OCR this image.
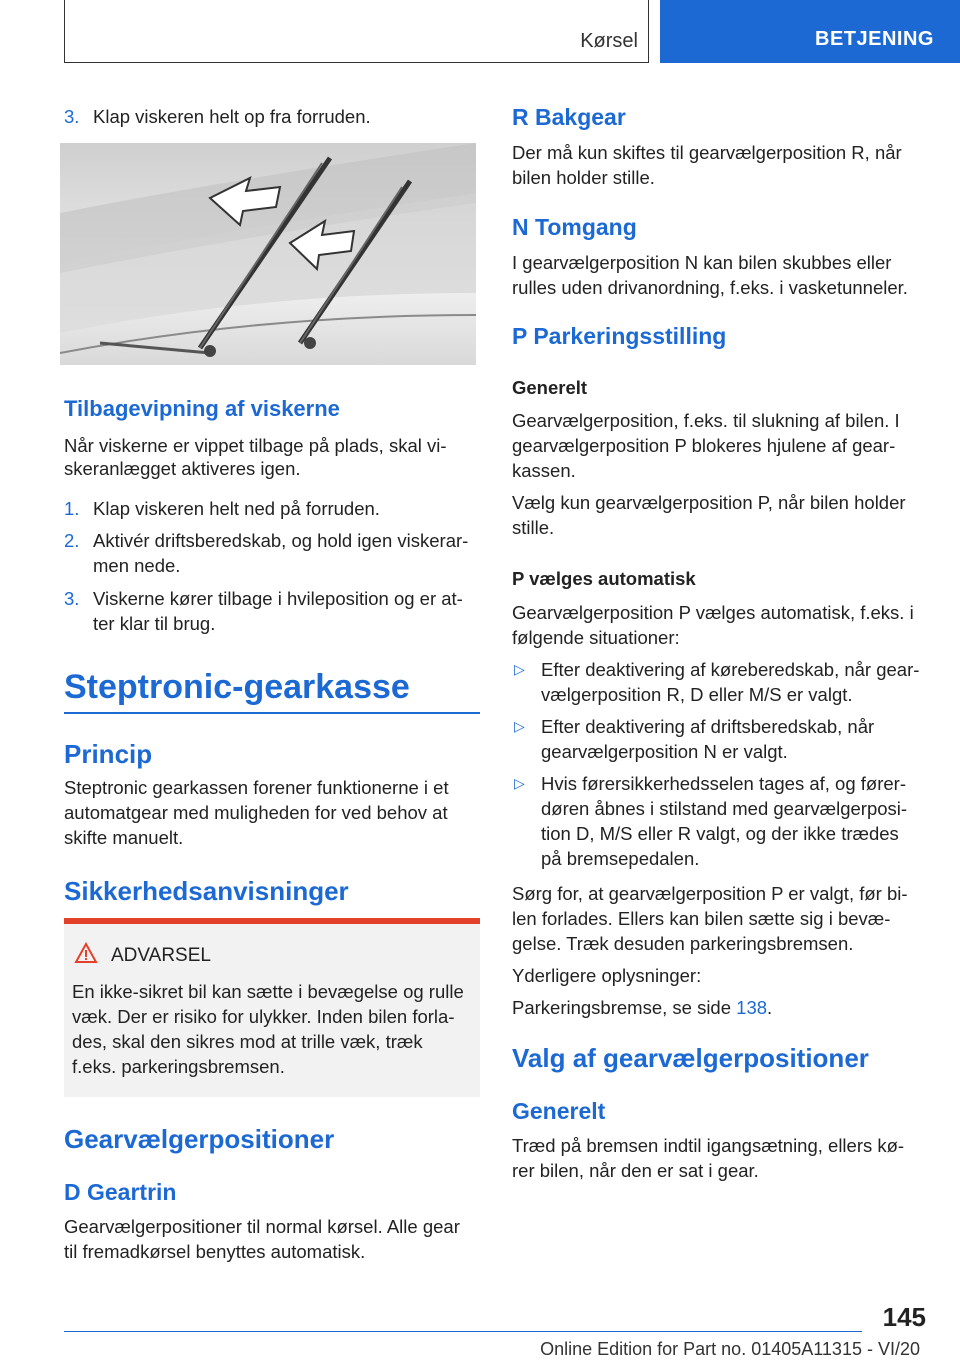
Kørsel	BETJENING
3. Klap viskeren helt op fra forruden.
Tilbagevipning af viskerne
Når viskerne er vippet tilbage på plads, skal vi-
skeranlægget aktiveres igen.
1. Klap viskeren helt ned på forruden.
2. Aktivér driftsberedskab, og hold igen viskerar-
men nede.
3. Viskerne kører tilbage i hvileposition og er at-
ter klar til brug.
Steptronic-gearkasse
Princip
Steptronic gearkassen forener funktionerne i et
automatgear med muligheden for ved behov at
skifte manuelt.
Sikkerhedsanvisninger
ADVARSEL
En ikke-sikret bil kan sætte i bevægelse og rulle
væk. Der er risiko for ulykker. Inden bilen forla-
des, skal den sikres mod at trille væk, træk
f.eks. parkeringsbremsen.
Gearvælgerpositioner
D Geartrin
Gearvælgerpositioner til normal kørsel. Alle gear
til fremadkørsel benyttes automatisk.
R Bakgear
Der må kun skiftes til gearvælgerposition R, når
bilen holder stille.
N Tomgang
I gearvælgerposition N kan bilen skubbes eller
rulles uden drivanordning, f.eks. i vasketunneler.
P Parkeringsstilling
Generelt
Gearvælgerposition, f.eks. til slukning af bilen. I
gearvælgerposition P blokeres hjulene af gear-
kassen.
Vælg kun gearvælgerposition P, når bilen holder
stille.
P vælges automatisk
Gearvælgerposition P vælges automatisk, f.eks. i
følgende situationer:
▷ Efter deaktivering af køreberedskab, når gear-
vælgerposition R, D eller M/S er valgt.
▷ Efter deaktivering af driftsberedskab, når
gearvælgerposition N er valgt.
▷ Hvis førersikkerhedsselen tages af, og fører-
døren åbnes i stilstand med gearvælgerposi-
tion D, M/S eller R valgt, og der ikke trædes
på bremsepedalen.
Sørg for, at gearvælgerposition P er valgt, før bi-
len forlades. Ellers kan bilen sætte sig i bevæ-
gelse. Træk desuden parkeringsbremsen.
Yderligere oplysninger:
Parkeringsbremse, se side 138.
Valg af gearvælgerpositioner
Generelt
Træd på bremsen indtil igangsætning, ellers kø-
rer bilen, når den er sat i gear.
145
Online Edition for Part no. 01405A11315 - VI/20
